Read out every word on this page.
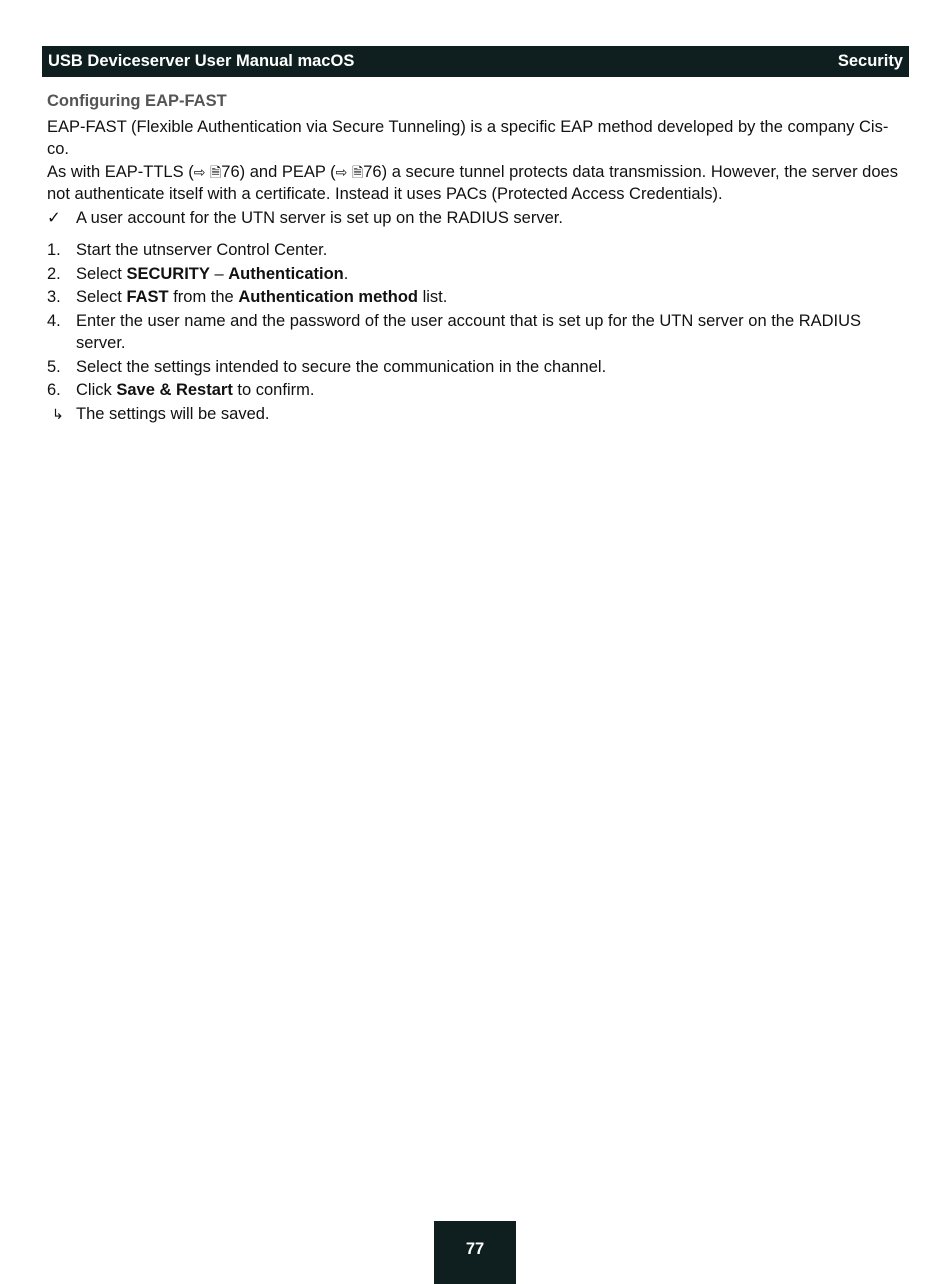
USB Deviceserver User Manual macOS	Security
Configuring EAP-FAST

EAP-FAST (Flexible Authentication via Secure Tunneling) is a specific EAP method developed by the company Cis-co.

As with EAP-TTLS (⇨ 🗎76) and PEAP (⇨ 🗎76) a secure tunnel protects data transmission. However, the server does not authenticate itself with a certificate. Instead it uses PACs (Protected Access Credentials).

✓ A user account for the UTN server is set up on the RADIUS server.
1. Start the utnserver Control Center.
2. Select SECURITY – Authentication.
3. Select FAST from the Authentication method list.
4. Enter the user name and the password of the user account that is set up for the UTN server on the RADIUS server.
5. Select the settings intended to secure the communication in the channel.
6. Click Save & Restart to confirm.
↳ The settings will be saved.
77
